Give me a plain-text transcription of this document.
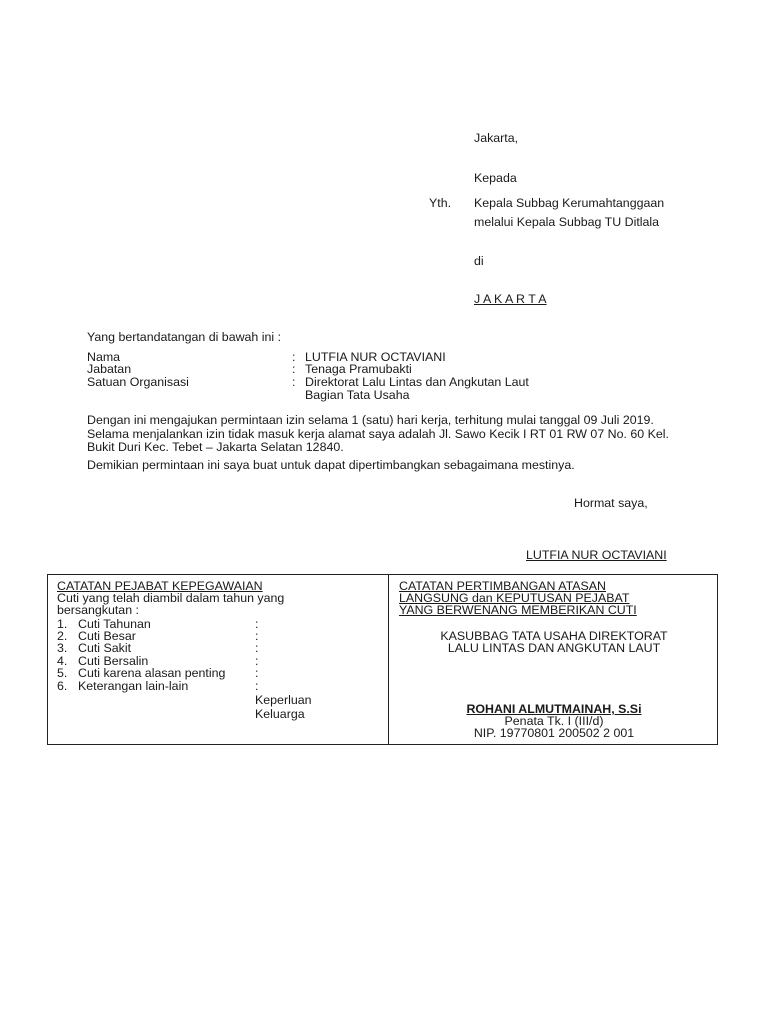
Jakarta,
Kepada
Yth. Kepala Subbag Kerumahtanggaan
melalui Kepala Subbag TU Ditlala
di
J A K A R T A
Yang bertandatangan di bawah ini :
Nama	: LUTFIA NUR OCTAVIANI
Jabatan	: Tenaga Pramubakti
Satuan Organisasi	: Direktorat Lalu Lintas dan Angkutan Laut
Bagian Tata Usaha
Dengan ini mengajukan permintaan izin selama 1 (satu) hari kerja, terhitung mulai tanggal 09 Juli 2019. Selama menjalankan izin tidak masuk kerja alamat saya adalah Jl. Sawo Kecik I RT 01 RW 07 No. 60 Kel. Bukit Duri Kec. Tebet – Jakarta Selatan 12840.
Demikian permintaan ini saya buat untuk dapat dipertimbangkan sebagaimana mestinya.
Hormat saya,
LUTFIA NUR OCTAVIANI
CATATAN PEJABAT KEPEGAWAIAN
Cuti yang telah diambil dalam tahun yang
bersangkutan :
1. Cuti Tahunan	:
2. Cuti Besar	:
3. Cuti Sakit	:
4. Cuti Bersalin	:
5. Cuti karena alasan penting :
6. Keterangan lain-lain	: Keperluan Keluarga
CATATAN PERTIMBANGAN ATASAN
LANGSUNG dan KEPUTUSAN PEJABAT
YANG BERWENANG MEMBERIKAN CUTI
KASUBBAG TATA USAHA DIREKTORAT
LALU LINTAS DAN ANGKUTAN LAUT
ROHANI ALMUTMAINAH, S.Si
Penata Tk. I (III/d)
NIP. 19770801 200502 2 001
